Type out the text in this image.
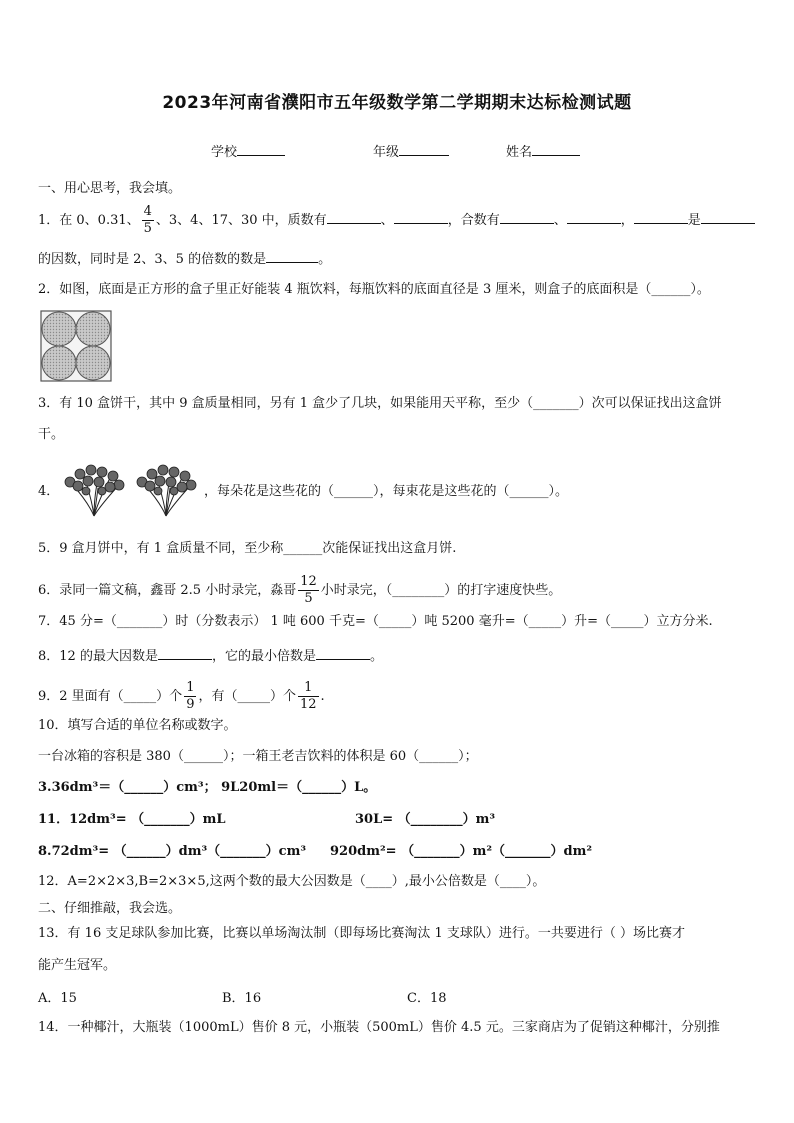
2023年河南省濮阳市五年级数学第二学期期末达标检测试题
学校	年级	姓名
一、用心思考，我会填。
1．在 0、0.31、 $\frac{4}{5}$ 、3、4、17、30 中，质数有	、	，合数有	、	，	是
的因数，同时是 2、3、5 的倍数的数是	。
2．如图，底面是正方形的盒子里正好能装 4 瓶饮料，每瓶饮料的底面直径是 3 厘米，则盒子的底面积是（______）。
3．有 10 盒饼干，其中 9 盒质量相同，另有 1 盒少了几块，如果能用天平称，至少（_______）次可以保证找出这盒饼
干。
4．	，每朵花是这些花的（______），每束花是这些花的（______）。
5．9 盒月饼中，有 1 盒质量不同，至少称______次能保证找出这盒月饼.
6．录同一篇文稿，鑫哥 2.5 小时录完，淼哥 $\frac{12}{5}$ 小时录完，（________）的打字速度快些。
7．45 分=（_______）时（分数表示） 1 吨 600 千克=（_____）吨 5200 毫升=（_____）升=（_____）立方分米.
8．12 的最大因数是	，它的最小倍数是	。
9．2 里面有（_____）个 $\frac{1}{9}$ ，有（_____）个 $\frac{1}{12}$ .
10．填写合适的单位名称或数字。
一台冰箱的容积是 380（______）；一箱王老吉饮料的体积是 60（______）；
3.36dm³＝（______）cm³； 9L20ml＝（______）L。
11．12dm³= （_______）mL	30L= （________）m³
8.72dm³= （______）dm³（_______）cm³ 920dm²= （_______）m²（_______）dm²
12．A=2×2×3,B=2×3×5,这两个数的最大公因数是（____）,最小公倍数是（____）。
二、仔细推敲，我会选。
13．有 16 支足球队参加比赛，比赛以单场淘汰制（即每场比赛淘汰 1 支球队）进行。一共要进行（ ）场比赛才
能产生冠军。
A．15	B．16	C．18
14．一种椰汁，大瓶装（1000mL）售价 8 元，小瓶装（500mL）售价 4.5 元。三家商店为了促销这种椰汁，分别推
